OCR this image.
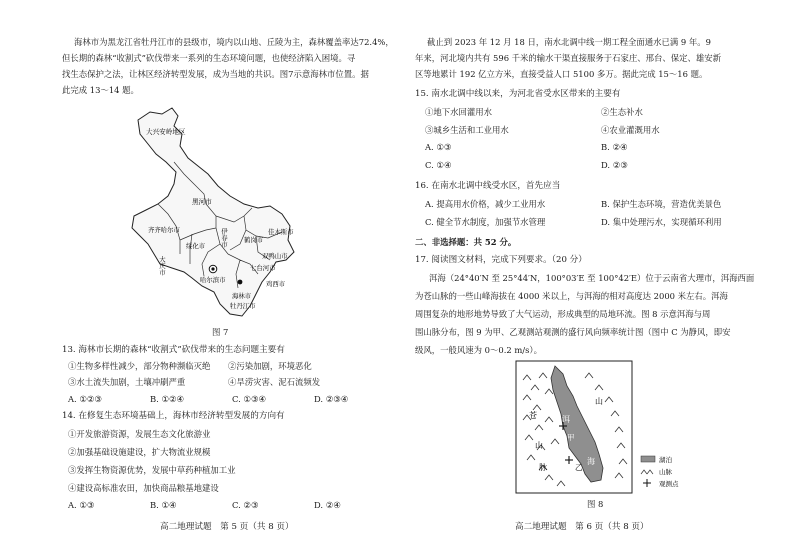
海林市为黑龙江省牡丹江市的县级市，境内以山地、丘陵为主，森林覆盖率达72.4%，
但长期的森林“收割式”砍伐带来一系列的生态环境问题，也使经济陷入困境。寻
找生态保护之法，让林区经济转型发展，成为当地的共识。图7示意海林市位置。据
此完成 13～14 题。
大兴安岭地区
黑河市
齐齐哈尔市
绥化市 伊春市	鹤岗市
佳木斯市
双鸭山市
七台河市
鸡西市
大庆市
哈尔滨市
海林市
牡丹江市
图 7
13. 海林市长期的森林“收割式”砍伐带来的生态问题主要有
①生物多样性减少，部分物种濒临灭绝 ②污染加剧，环境恶化
③水土流失加剧，土壤冲刷严重	④旱涝灾害、泥石流频发
A. ①②③	B. ①②④	C. ①③④	D. ②③④
14. 在修复生态环境基础上，海林市经济转型发展的方向有
①开发旅游资源，发展生态文化旅游业
②加强基础设施建设，扩大物流业规模
③发挥生物资源优势，发展中草药种植加工业
④建设高标准农田，加快商品粮基地建设
A. ①③	B. ①④	C. ②③	D. ②④
高二地理试题　第 5 页（共 8 页）
截止到 2023 年 12 月 18 日，南水北调中线一期工程全面通水已满 9 年。9
年来，河北境内共有 596 千米的输水干渠直接服务于石家庄、邢台、保定、雄安新
区等地累计 192 亿立方米，直接受益人口 5100 多万。据此完成 15～16 题。
15. 南水北调中线以来，为河北省受水区带来的主要有
①地下水回灌用水	②生态补水
③城乡生活和工业用水	④农业灌溉用水
A. ①③	B. ②④
C. ①④	D. ②③
16. 在南水北调中线受水区，首先应当
A. 提高用水价格，减少工业用水	B. 保护生态环境，营造优美景色
C. 健全节水制度，加强节水管理	D. 集中处理污水，实现循环利用
二、非选择题：共 52 分。
17. 阅读图文材料，完成下列要求。（20 分）
洱海（24°40′N 至 25°44′N，100°03′E 至 100°42′E）位于云南省大理市，洱海西面
为苍山脉的一些山峰海拔在 4000 米以上，与洱海的相对高度达 2000 米左右。洱海
周围复杂的地形地势导致了大气运动，形成典型的局地环流。图 8 示意洱海与周
围山脉分布，图 9 为甲、乙观测站观测的盛行风向频率统计图（图中 C 为静风，即安
级风，一般风速为 0～0.2 m/s）。
苍
山
脉
洱
海
山
甲
乙
湖泊
山脉
观测点
图 8
高二地理试题　第 6 页（共 8 页）
